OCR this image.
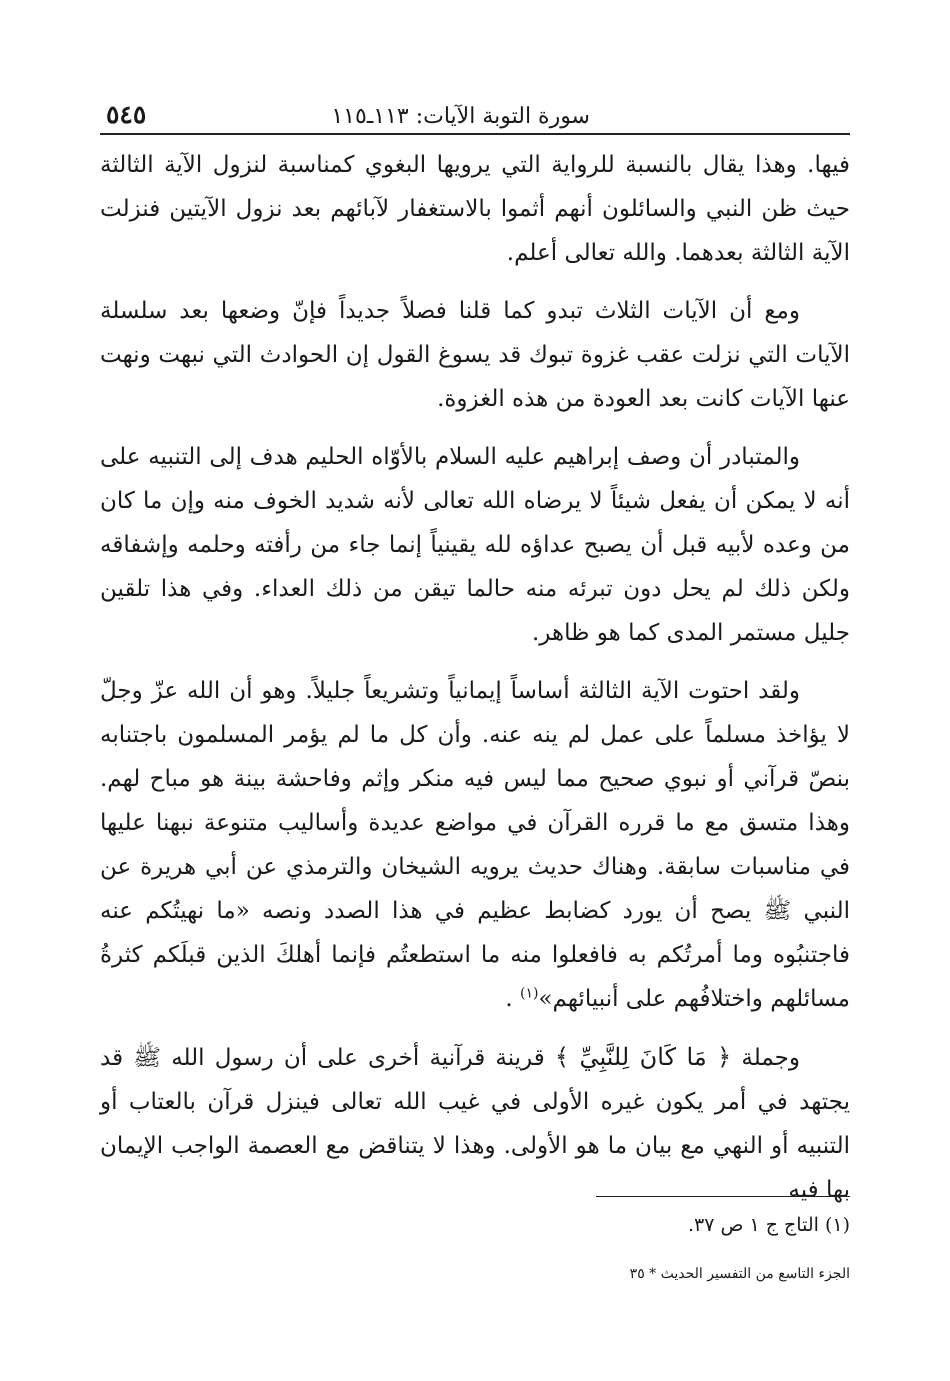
سورة التوبة الآيات: ١١٣ـ١١٥
٥٤٥

فيها. وهذا يقال بالنسبة للرواية التي يرويها البغوي كمناسبة لنزول الآية الثالثة حيث ظن النبي والسائلون أنهم أثموا بالاستغفار لآبائهم بعد نزول الآيتين فنزلت الآية الثالثة بعدهما. والله تعالى أعلم.

ومع أن الآيات الثلاث تبدو كما قلنا فصلاً جديداً فإنّ وضعها بعد سلسلة الآيات التي نزلت عقب غزوة تبوك قد يسوغ القول إن الحوادث التي نبهت ونهت عنها الآيات كانت بعد العودة من هذه الغزوة.

والمتبادر أن وصف إبراهيم عليه السلام بالأوّاه الحليم هدف إلى التنبيه على أنه لا يمكن أن يفعل شيئاً لا يرضاه الله تعالى لأنه شديد الخوف منه وإن ما كان من وعده لأبيه قبل أن يصبح عداؤه لله يقينياً إنما جاء من رأفته وحلمه وإشفاقه ولكن ذلك لم يحل دون تبرئه منه حالما تيقن من ذلك العداء. وفي هذا تلقين جليل مستمر المدى كما هو ظاهر.

ولقد احتوت الآية الثالثة أساساً إيمانياً وتشريعاً جليلاً. وهو أن الله عزّ وجلّ لا يؤاخذ مسلماً على عمل لم ينه عنه. وأن كل ما لم يؤمر المسلمون باجتنابه بنصّ قرآني أو نبوي صحيح مما ليس فيه منكر وإثم وفاحشة بينة هو مباح لهم. وهذا متسق مع ما قرره القرآن في مواضع عديدة وأساليب متنوعة نبهنا عليها في مناسبات سابقة. وهناك حديث يرويه الشيخان والترمذي عن أبي هريرة عن النبي ﷺ يصح أن يورد كضابط عظيم في هذا الصدد ونصه «ما نهيتُكم عنه فاجتنبُوه وما أمرتُكم به فافعلوا منه ما استطعتُم فإنما أهلكَ الذين قبلَكم كثرةُ مسائلهم واختلافُهم على أنبيائهم»$^{(١)}$ .

وجملة ﴿ مَا كَانَ لِلنَّبِيِّ ﴾ قرينة قرآنية أخرى على أن رسول الله ﷺ قد يجتهد في أمر يكون غيره الأولى في غيب الله تعالى فينزل قرآن بالعتاب أو التنبيه أو النهي مع بيان ما هو الأولى. وهذا لا يتناقض مع العصمة الواجب الإيمان بها فيه

(١) التاج ج ١ ص ٣٧.
الجزء التاسع من التفسير الحديث * ٣٥
